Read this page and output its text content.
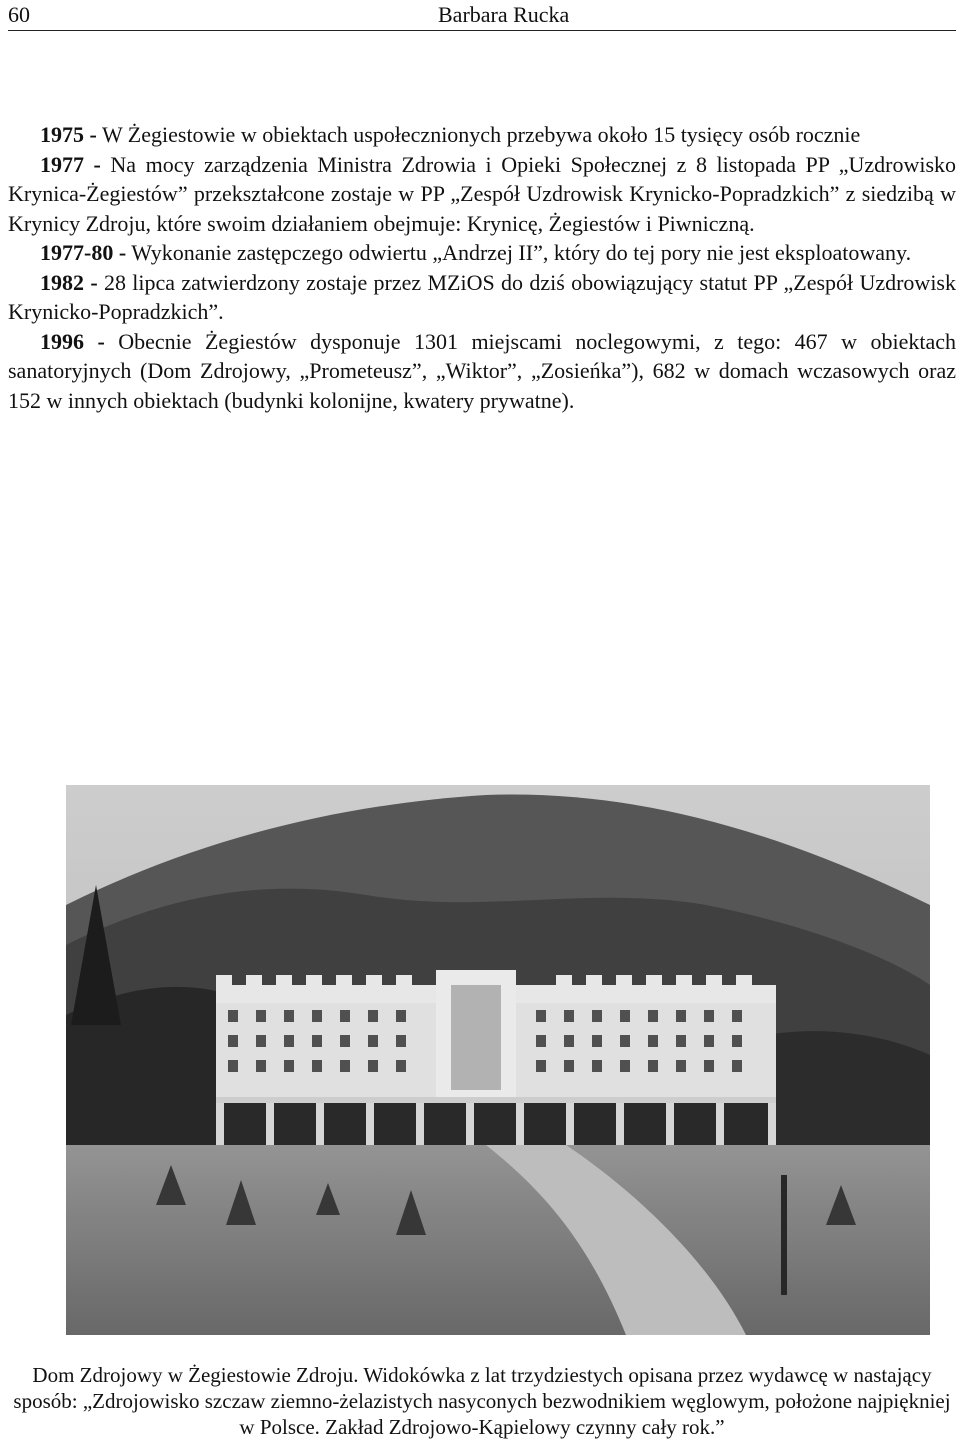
60	Barbara Rucka

1975 - W Żegiestowie w obiektach uspołecznionych przebywa około 15 tysięcy osób rocznie

1977 - Na mocy zarządzenia Ministra Zdrowia i Opieki Społecznej z 8 listopada PP „Uzdrowisko Krynica-Żegiestów” przekształcone zostaje w PP „Zespół Uzdrowisk Krynicko-Popradzkich” z siedzibą w Krynicy Zdroju, które swoim działaniem obejmuje: Krynicę, Żegiestów i Piwniczną.

1977-80 - Wykonanie zastępczego odwiertu „Andrzej II”, który do tej pory nie jest eksploatowany.

1982 - 28 lipca zatwierdzony zostaje przez MZiOS do dziś obowiązujący statut PP „Zespół Uzdrowisk Krynicko-Popradzkich”.

1996 - Obecnie Żegiestów dysponuje 1301 miejscami noclegowymi, z tego: 467 w obiektach sanatoryjnych (Dom Zdrojowy, „Prometeusz”, „Wiktor”, „Zosieńka”), 682 w domach wczasowych oraz 152 w innych obiektach (budynki kolonijne, kwatery prywatne).

Dom Zdrojowy w Żegiestowie Zdroju. Widokówka z lat trzydziestych opisana przez wydawcę w nastający sposób: „Zdrojowisko szczaw ziemno-żelazistych nasyconych bezwodnikiem węglowym, położone najpiękniej w Polsce. Zakład Zdrojowo-Kąpielowy czynny cały rok.”
